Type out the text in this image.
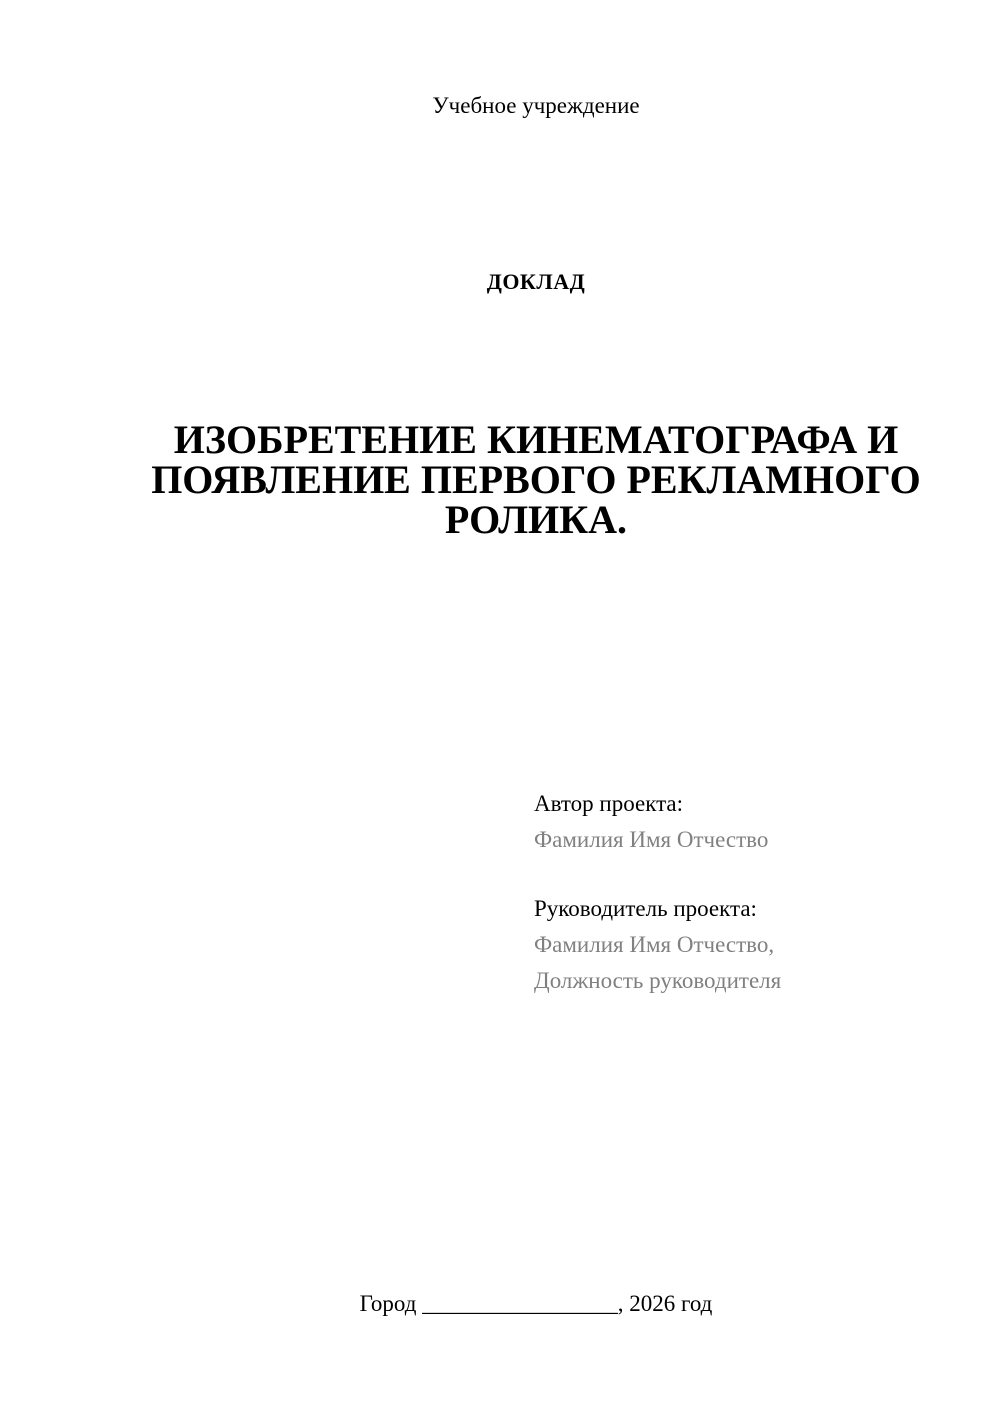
Учебное учреждение
ДОКЛАД
ИЗОБРЕТЕНИЕ КИНЕМАТОГРАФА И
ПОЯВЛЕНИЕ ПЕРВОГО РЕКЛАМНОГО
РОЛИКА.
Автор проекта:
Фамилия Имя Отчество
Руководитель проекта:
Фамилия Имя Отчество,
Должность руководителя
Город _________________, 2026 год
